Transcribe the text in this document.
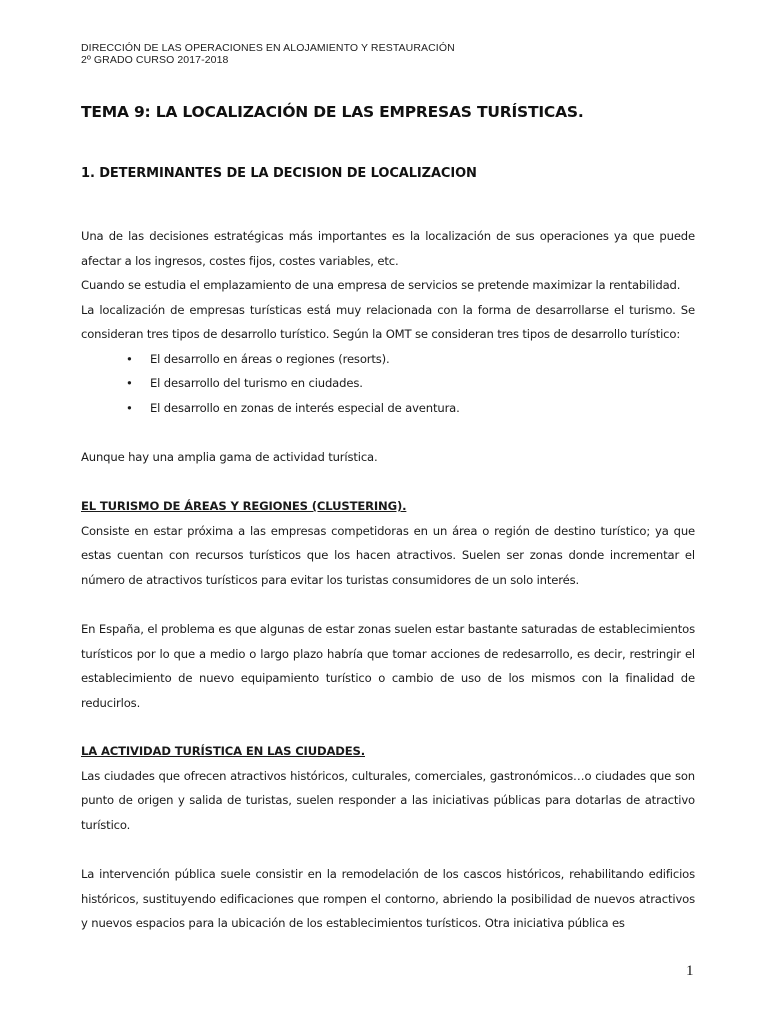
DIRECCIÓN DE LAS OPERACIONES EN ALOJAMIENTO Y RESTAURACIÓN
2º GRADO CURSO 2017-2018
TEMA 9: LA LOCALIZACIÓN DE LAS EMPRESAS TURÍSTICAS.
1. DETERMINANTES DE LA DECISION DE LOCALIZACION

Una de las decisiones estratégicas más importantes es la localización de sus operaciones ya que puede afectar a los ingresos, costes fijos, costes variables, etc.

Cuando se estudia el emplazamiento de una empresa de servicios se pretende maximizar la rentabilidad.

La localización de empresas turísticas está muy relacionada con la forma de desarrollarse el turismo. Se consideran tres tipos de desarrollo turístico. Según la OMT se consideran tres tipos de desarrollo turístico:

• El desarrollo en áreas o regiones (resorts).
• El desarrollo del turismo en ciudades.
• El desarrollo en zonas de interés especial de aventura.

Aunque hay una amplia gama de actividad turística.

EL TURISMO DE ÁREAS Y REGIONES (CLUSTERING).

Consiste en estar próxima a las empresas competidoras en un área o región de destino turístico; ya que estas cuentan con recursos turísticos que los hacen atractivos. Suelen ser zonas donde incrementar el número de atractivos turísticos para evitar los turistas consumidores de un solo interés.

En España, el problema es que algunas de estar zonas suelen estar bastante saturadas de establecimientos turísticos por lo que a medio o largo plazo habría que tomar acciones de redesarrollo, es decir, restringir el establecimiento de nuevo equipamiento turístico o cambio de uso de los mismos con la finalidad de reducirlos.

LA ACTIVIDAD TURÍSTICA EN LAS CIUDADES.

Las ciudades que ofrecen atractivos históricos, culturales, comerciales, gastronómicos…o ciudades que son punto de origen y salida de turistas, suelen responder a las iniciativas públicas para dotarlas de atractivo turístico.

La intervención pública suele consistir en la remodelación de los cascos históricos, rehabilitando edificios históricos, sustituyendo edificaciones que rompen el contorno, abriendo la posibilidad de nuevos atractivos y nuevos espacios para la ubicación de los establecimientos turísticos. Otra iniciativa pública es

1
